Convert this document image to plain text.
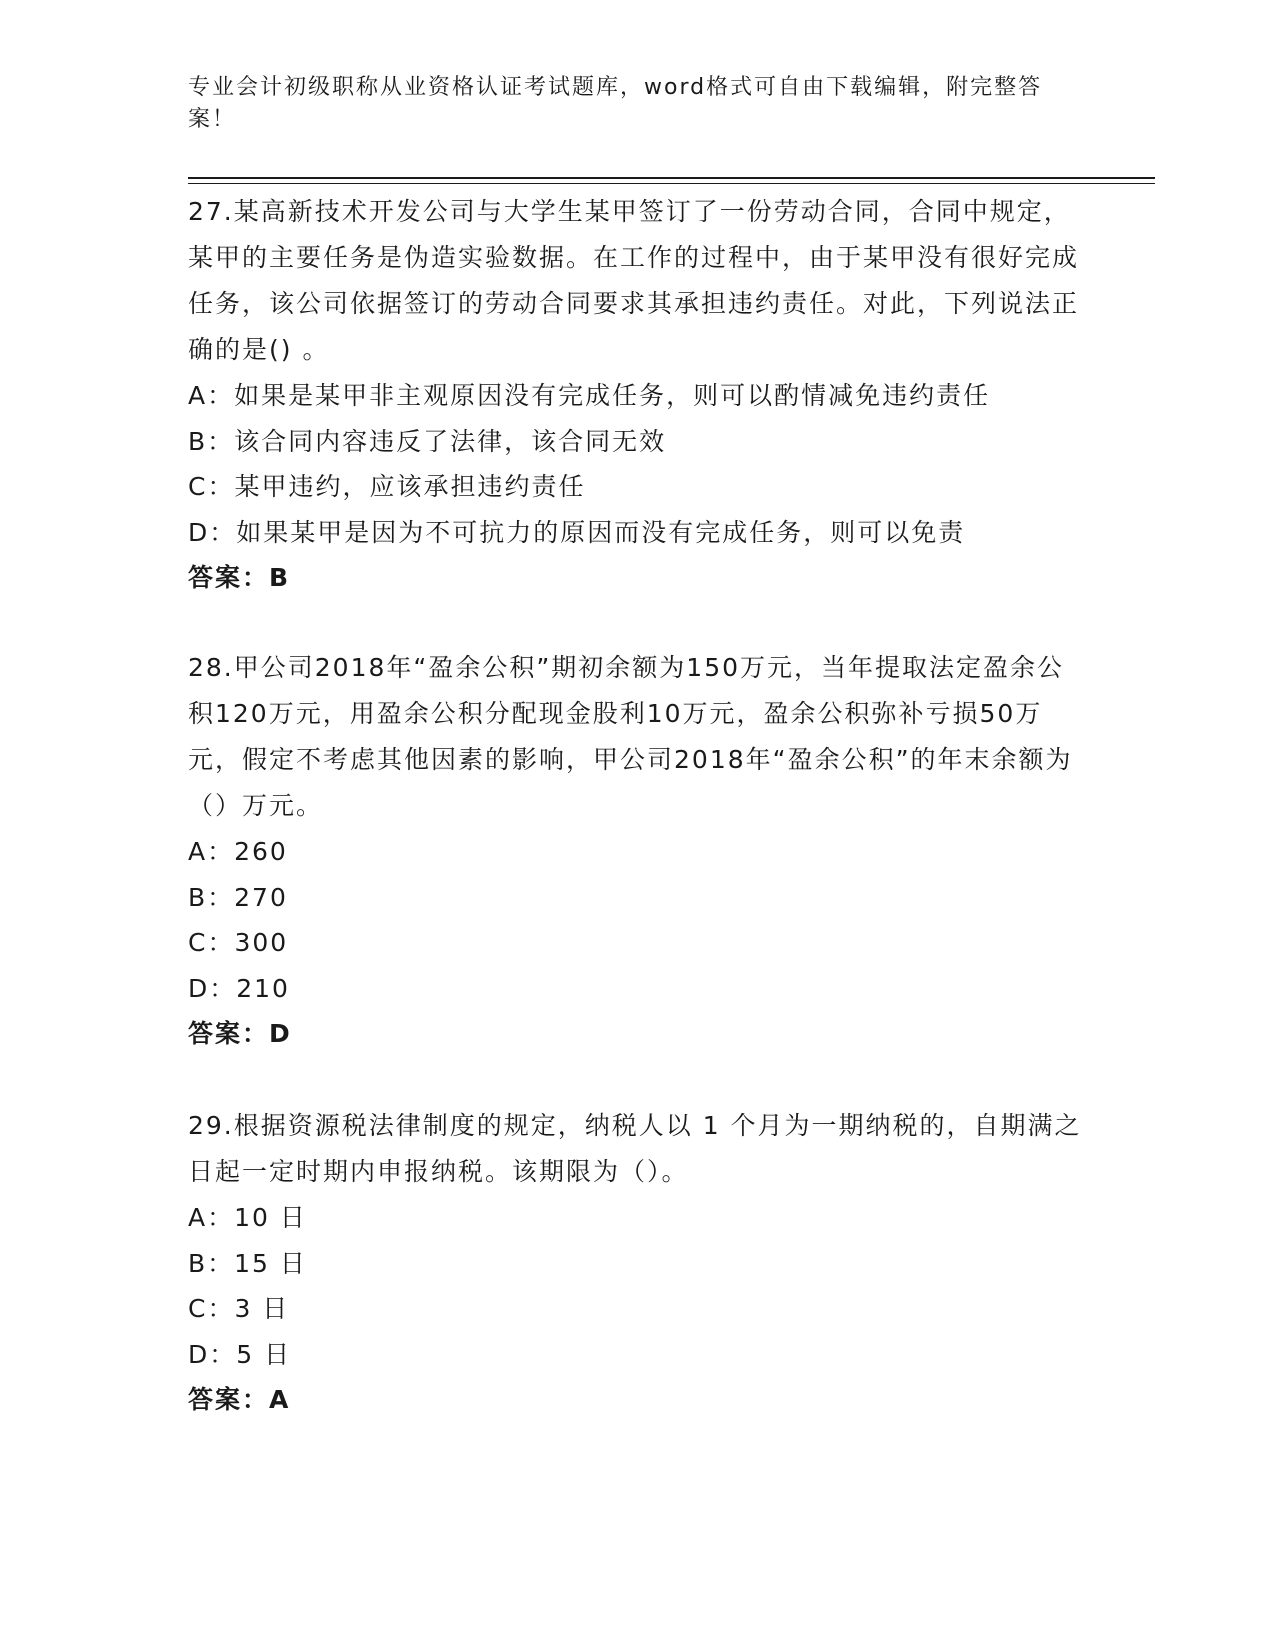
专业会计初级职称从业资格认证考试题库，word格式可自由下载编辑，附完整答案！

27.某高新技术开发公司与大学生某甲签订了一份劳动合同，合同中规定，某甲的主要任务是伪造实验数据。在工作的过程中，由于某甲没有很好完成任务，该公司依据签订的劳动合同要求其承担违约责任。对此，下列说法正确的是() 。

A：如果是某甲非主观原因没有完成任务，则可以酌情减免违约责任
B：该合同内容违反了法律，该合同无效
C：某甲违约，应该承担违约责任
D：如果某甲是因为不可抗力的原因而没有完成任务，则可以免责

答案：B

28.甲公司2018年“盈余公积”期初余额为150万元，当年提取法定盈余公积120万元，用盈余公积分配现金股利10万元，盈余公积弥补亏损50万元，假定不考虑其他因素的影响，甲公司2018年“盈余公积”的年末余额为（）万元。

A：260
B：270
C：300
D：210

答案：D

29.根据资源税法律制度的规定，纳税人以 1 个月为一期纳税的，自期满之日起一定时期内申报纳税。该期限为（）。

A：10 日
B：15 日
C：3 日
D：5 日

答案：A
